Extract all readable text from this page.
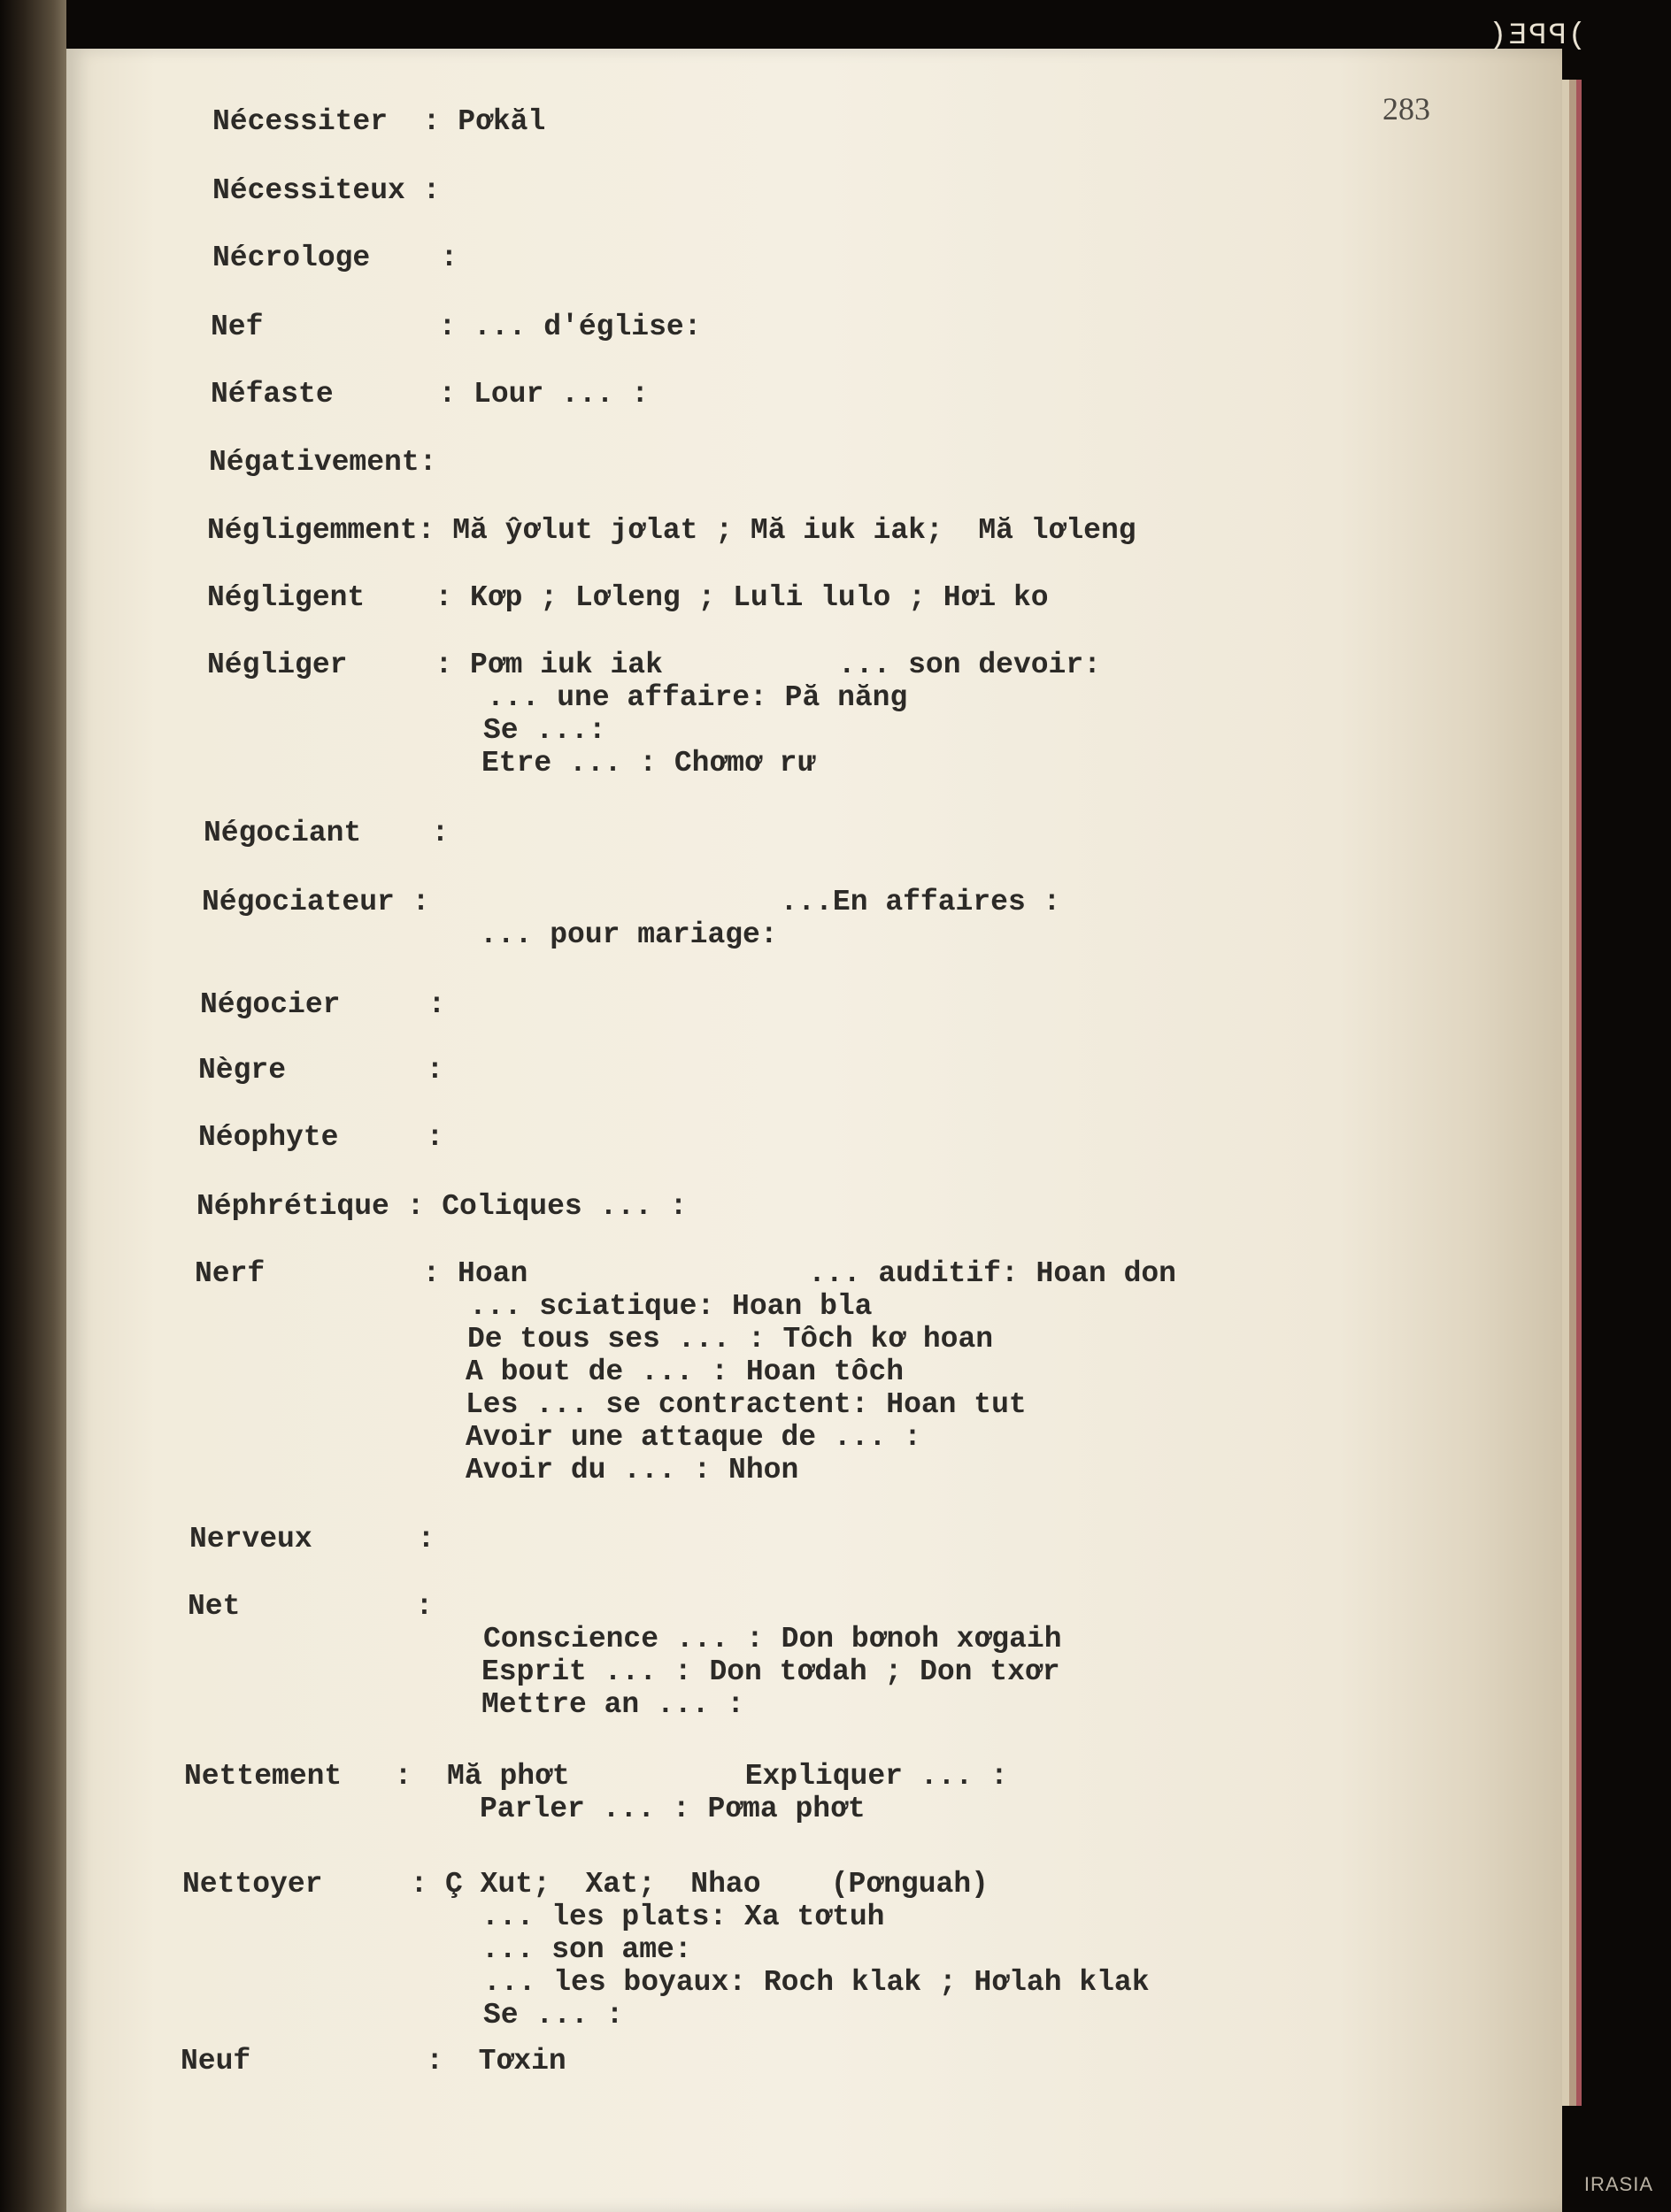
)PPE(
283
Nécessiter  : Pơkăl
Nécessiteux :
Nécrologe    :
Nef          : ... d'église:
Néfaste      : Lour ... :
Négativement:
Négligemment: Mă ŷơlut jơlat ; Mă iuk iak;  Mă lơleng
Négligent    : Kơp ; Lơleng ; Luli lulo ; Hơi ko
Négliger     : Pơm iuk iak          ... son devoir:
... une affaire: Pă năng
Se ...:
Etre ... : Chơmơ rư
Négociant    :
Négociateur :                    ...En affaires :
... pour mariage:
Négocier     :
Nègre        :
Néophyte     :
Néphrétique : Coliques ... :
Nerf         : Hoan                ... auditif: Hoan don
... sciatique: Hoan bla
De tous ses ... : Tôch kơ hoan
A bout de ... : Hoan tôch
Les ... se contractent: Hoan tut
Avoir une attaque de ... :
Avoir du ... : Nhon
Nerveux      :
Net          :
Conscience ... : Don bơnoh xơgaih
Esprit ... : Don tơdah ; Don txơr
Mettre an ... :
Nettement   :  Mă phơt          Expliquer ... :
Parler ... : Pơma phơt
Nettoyer     : Ç Xut;  Xat;  Nhao    (Pơnguah)
... les plats: Xa tơtuh
... son ame:
... les boyaux: Roch klak ; Hơlah klak
Se ... :
Neuf          :  Tơxin
IRASIA
